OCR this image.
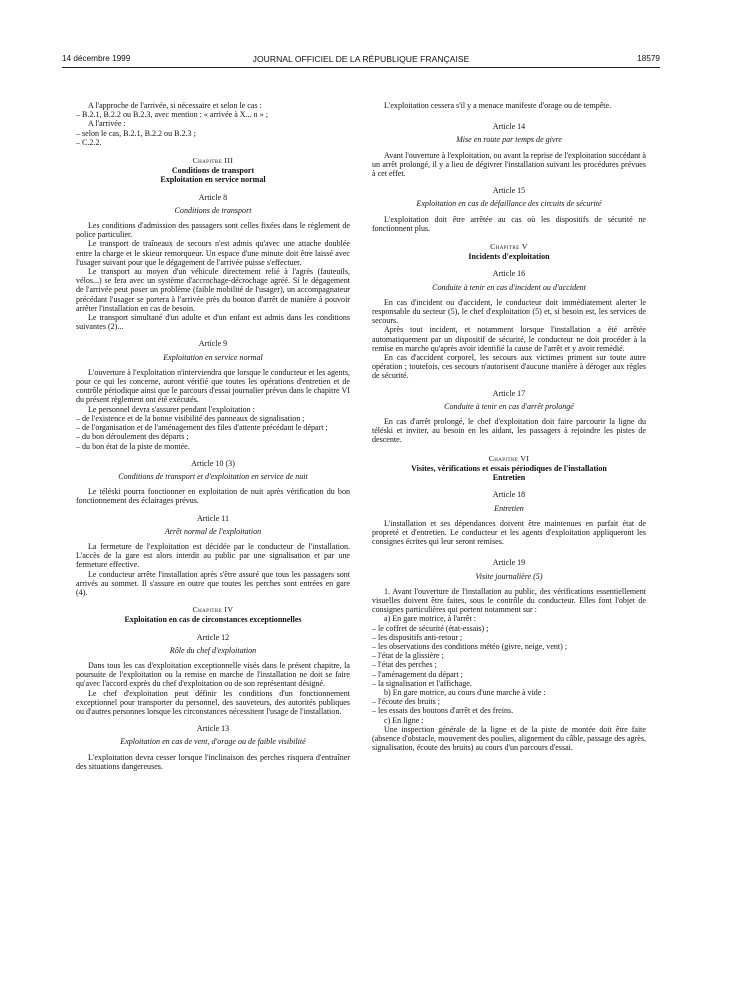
14 décembre 1999	JOURNAL OFFICIEL DE LA RÉPUBLIQUE FRANÇAISE	18579

A l'approche de l'arrivée, si nécessaire et selon le cas :

– B.2.1, B.2.2 ou B.2.3, avec mention : « arrivée à X... n » ;

A l'arrivée :

– selon le cas, B.2.1, B.2.2 ou B.2.3 ;

– C.2.2.

Chapitre III
Conditions de transport
Exploitation en service normal
Article 8
Conditions de transport

Les conditions d'admission des passagers sont celles fixées dans le règlement de police particulier.

Le transport de traîneaux de secours n'est admis qu'avec une attache doublée entre la charge et le skieur remorqueur. Un espace d'une minute doit être laissé avec l'usager suivant pour que le dégagement de l'arrivée puisse s'effectuer.

Le transport au moyen d'un véhicule directement relié à l'agrès (fauteuils, vélos...) se fera avec un système d'accrochage-décrochage agréé. Si le dégagement de l'arrivée peut poser un problème (faible mobilité de l'usager), un accompagnateur précédant l'usager se portera à l'arrivée près du bouton d'arrêt de manière à pouvoir arrêter l'installation en cas de besoin.

Le transport simultané d'un adulte et d'un enfant est admis dans les conditions suivantes (2)...

Article 9
Exploitation en service normal

L'ouverture à l'exploitation n'interviendra que lorsque le conducteur et les agents, pour ce qui les concerne, auront vérifié que toutes les opérations d'entretien et de contrôle périodique ainsi que le parcours d'essai journalier prévus dans le chapitre VI du présent règlement ont été exécutés.

Le personnel devra s'assurer pendant l'exploitation :

– de l'existence et de la bonne visibilité des panneaux de signalisation ;

– de l'organisation et de l'aménagement des files d'attente précédant le départ ;

– du bon déroulement des départs ;

– du bon état de la piste de montée.

Article 10 (3)
Conditions de transport et d'exploitation en service de nuit

Le téléski pourra fonctionner en exploitation de nuit après vérification du bon fonctionnement des éclairages prévus.

Article 11
Arrêt normal de l'exploitation

La fermeture de l'exploitation est décidée par le conducteur de l'installation. L'accès de la gare est alors interdit au public par une signalisation et par une fermeture effective.

Le conducteur arrête l'installation après s'être assuré que tous les passagers sont arrivés au sommet. Il s'assure en outre que toutes les perches sont entrées en gare (4).

Chapitre IV
Exploitation en cas de circonstances exceptionnelles
Article 12
Rôle du chef d'exploitation

Dans tous les cas d'exploitation exceptionnelle visés dans le présent chapitre, la poursuite de l'exploitation ou la remise en marche de l'installation ne doit se faire qu'avec l'accord exprès du chef d'exploitation ou de son représentant désigné.

Le chef d'exploitation peut définir les conditions d'un fonctionnement exceptionnel pour transporter du personnel, des sauveteurs, des autorités publiques ou d'autres personnes lorsque les circonstances nécessitent l'usage de l'installation.

Article 13
Exploitation en cas de vent, d'orage ou de faible visibilité

L'exploitation devra cesser lorsque l'inclinaison des perches risquera d'entraîner des situations dangereuses.

L'exploitation cessera s'il y a menace manifeste d'orage ou de tempête.

Article 14
Mise en route par temps de givre

Avant l'ouverture à l'exploitation, ou avant la reprise de l'exploitation succédant à un arrêt prolongé, il y a lieu de dégivrer l'installation suivant les procédures prévues à cet effet.

Article 15
Exploitation en cas de défaillance des circuits de sécurité

L'exploitation doit être arrêtée au cas où les dispositifs de sécurité ne fonctionnent plus.

Chapitre V
Incidents d'exploitation
Article 16
Conduite à tenir en cas d'incident ou d'accident

En cas d'incident ou d'accident, le conducteur doit immédiatement alerter le responsable du secteur (5), le chef d'exploitation (5) et, si besoin est, les services de secours.

Après tout incident, et notamment lorsque l'installation a été arrêtée automatiquement par un dispositif de sécurité, le conducteur ne doit procéder à la remise en marche qu'après avoir identifié la cause de l'arrêt et y avoir remédié.

En cas d'accident corporel, les secours aux victimes priment sur toute autre opération ; toutefois, ces secours n'autorisent d'aucune manière à déroger aux règles de sécurité.

Article 17
Conduite à tenir en cas d'arrêt prolongé

En cas d'arrêt prolongé, le chef d'exploitation doit faire parcourir la ligne du téléski et inviter, au besoin en les aidant, les passagers à rejoindre les pistes de descente.

Chapitre VI
Visites, vérifications et essais périodiques de l'installation
Entretien
Article 18
Entretien

L'installation et ses dépendances doivent être maintenues en parfait état de propreté et d'entretien. Le conducteur et les agents d'exploitation appliqueront les consignes écrites qui leur seront remises.

Article 19
Visite journalière (5)

1. Avant l'ouverture de l'installation au public, des vérifications essentiellement visuelles doivent être faites, sous le contrôle du conducteur. Elles font l'objet de consignes particulières qui portent notamment sur :

a) En gare motrice, à l'arrêt :

– le coffret de sécurité (état-essais) ;

– les dispositifs anti-retour ;

– les observations des conditions météo (givre, neige, vent) ;

– l'état de la glissière ;

– l'état des perches ;

– l'aménagement du départ ;

– la signalisation et l'affichage.

b) En gare motrice, au cours d'une marche à vide :

– l'écoute des bruits ;

– les essais des boutons d'arrêt et des freins.

c) En ligne :

Une inspection générale de la ligne et de la piste de montée doit être faite (absence d'obstacle, mouvement des poulies, alignement du câble, passage des agrès, signalisation, écoute des bruits) au cours d'un parcours d'essai.
